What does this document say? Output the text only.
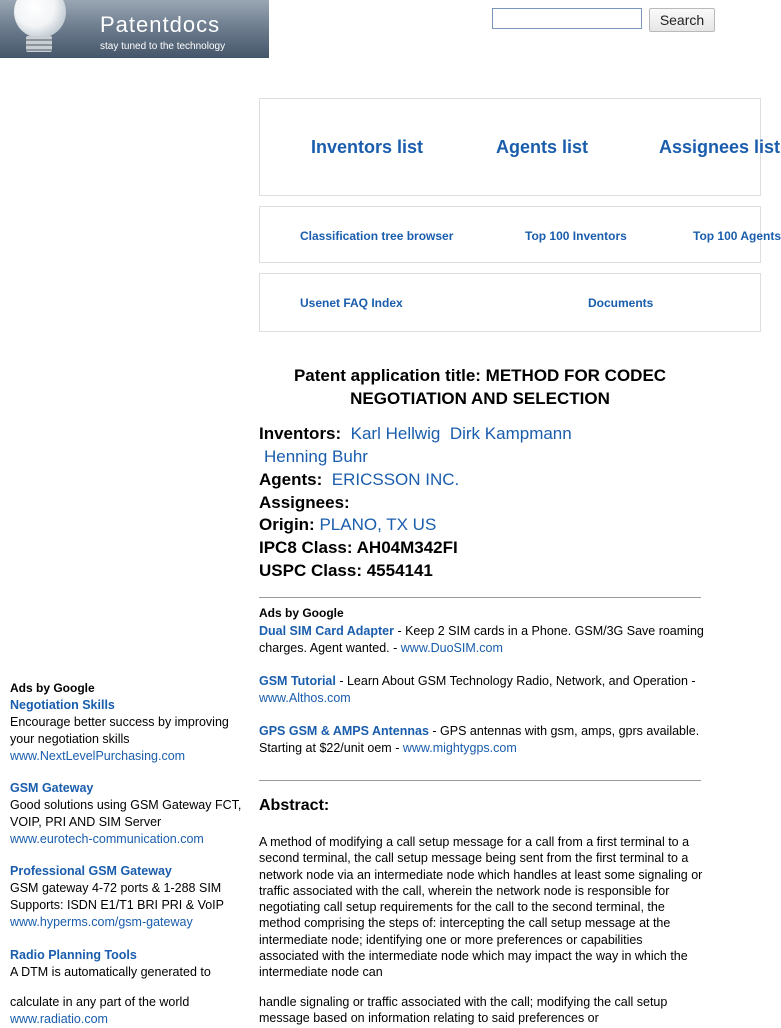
Patentdocs
stay tuned to the technology
Search
Inventors list	Agents list	Assignees list
Classification tree browser	Top 100 Inventors	Top 100 Agents
Usenet FAQ Index	Documents
Patent application title: METHOD FOR CODEC NEGOTIATION AND SELECTION
Inventors: Karl Hellwig Dirk Kampmann
Henning Buhr
Agents: ERICSSON INC.
Assignees:
Origin: PLANO, TX US
IPC8 Class: AH04M342FI
USPC Class: 4554141
Ads by Google
Dual SIM Card Adapter - Keep 2 SIM cards in a Phone. GSM/3G Save roaming charges. Agent wanted. - www.DuoSIM.com
GSM Tutorial - Learn About GSM Technology Radio, Network, and Operation - www.Althos.com
GPS GSM & AMPS Antennas - GPS antennas with gsm, amps, gprs available. Starting at $22/unit oem - www.mightygps.com
Abstract:
A method of modifying a call setup message for a call from a first terminal to a second terminal, the call setup message being sent from the first terminal to a network node via an intermediate node which handles at least some signaling or traffic associated with the call, wherein the network node is responsible for negotiating call setup requirements for the call to the second terminal, the method comprising the steps of: intercepting the call setup message at the intermediate node; identifying one or more preferences or capabilities associated with the intermediate node which may impact the way in which the intermediate node can
handle signaling or traffic associated with the call; modifying the call setup message based on information relating to said preferences or
Ads by Google
Negotiation Skills
Encourage better success by improving your negotiation skills
www.NextLevelPurchasing.com
GSM Gateway
Good solutions using GSM Gateway FCT, VOIP, PRI AND SIM Server
www.eurotech-communication.com
Professional GSM Gateway
GSM gateway 4-72 ports & 1-288 SIM Supports: ISDN E1/T1 BRI PRI & VoIP
www.hyperms.com/gsm-gateway
Radio Planning Tools
A DTM is automatically generated to
calculate in any part of the world
www.radiatio.com
